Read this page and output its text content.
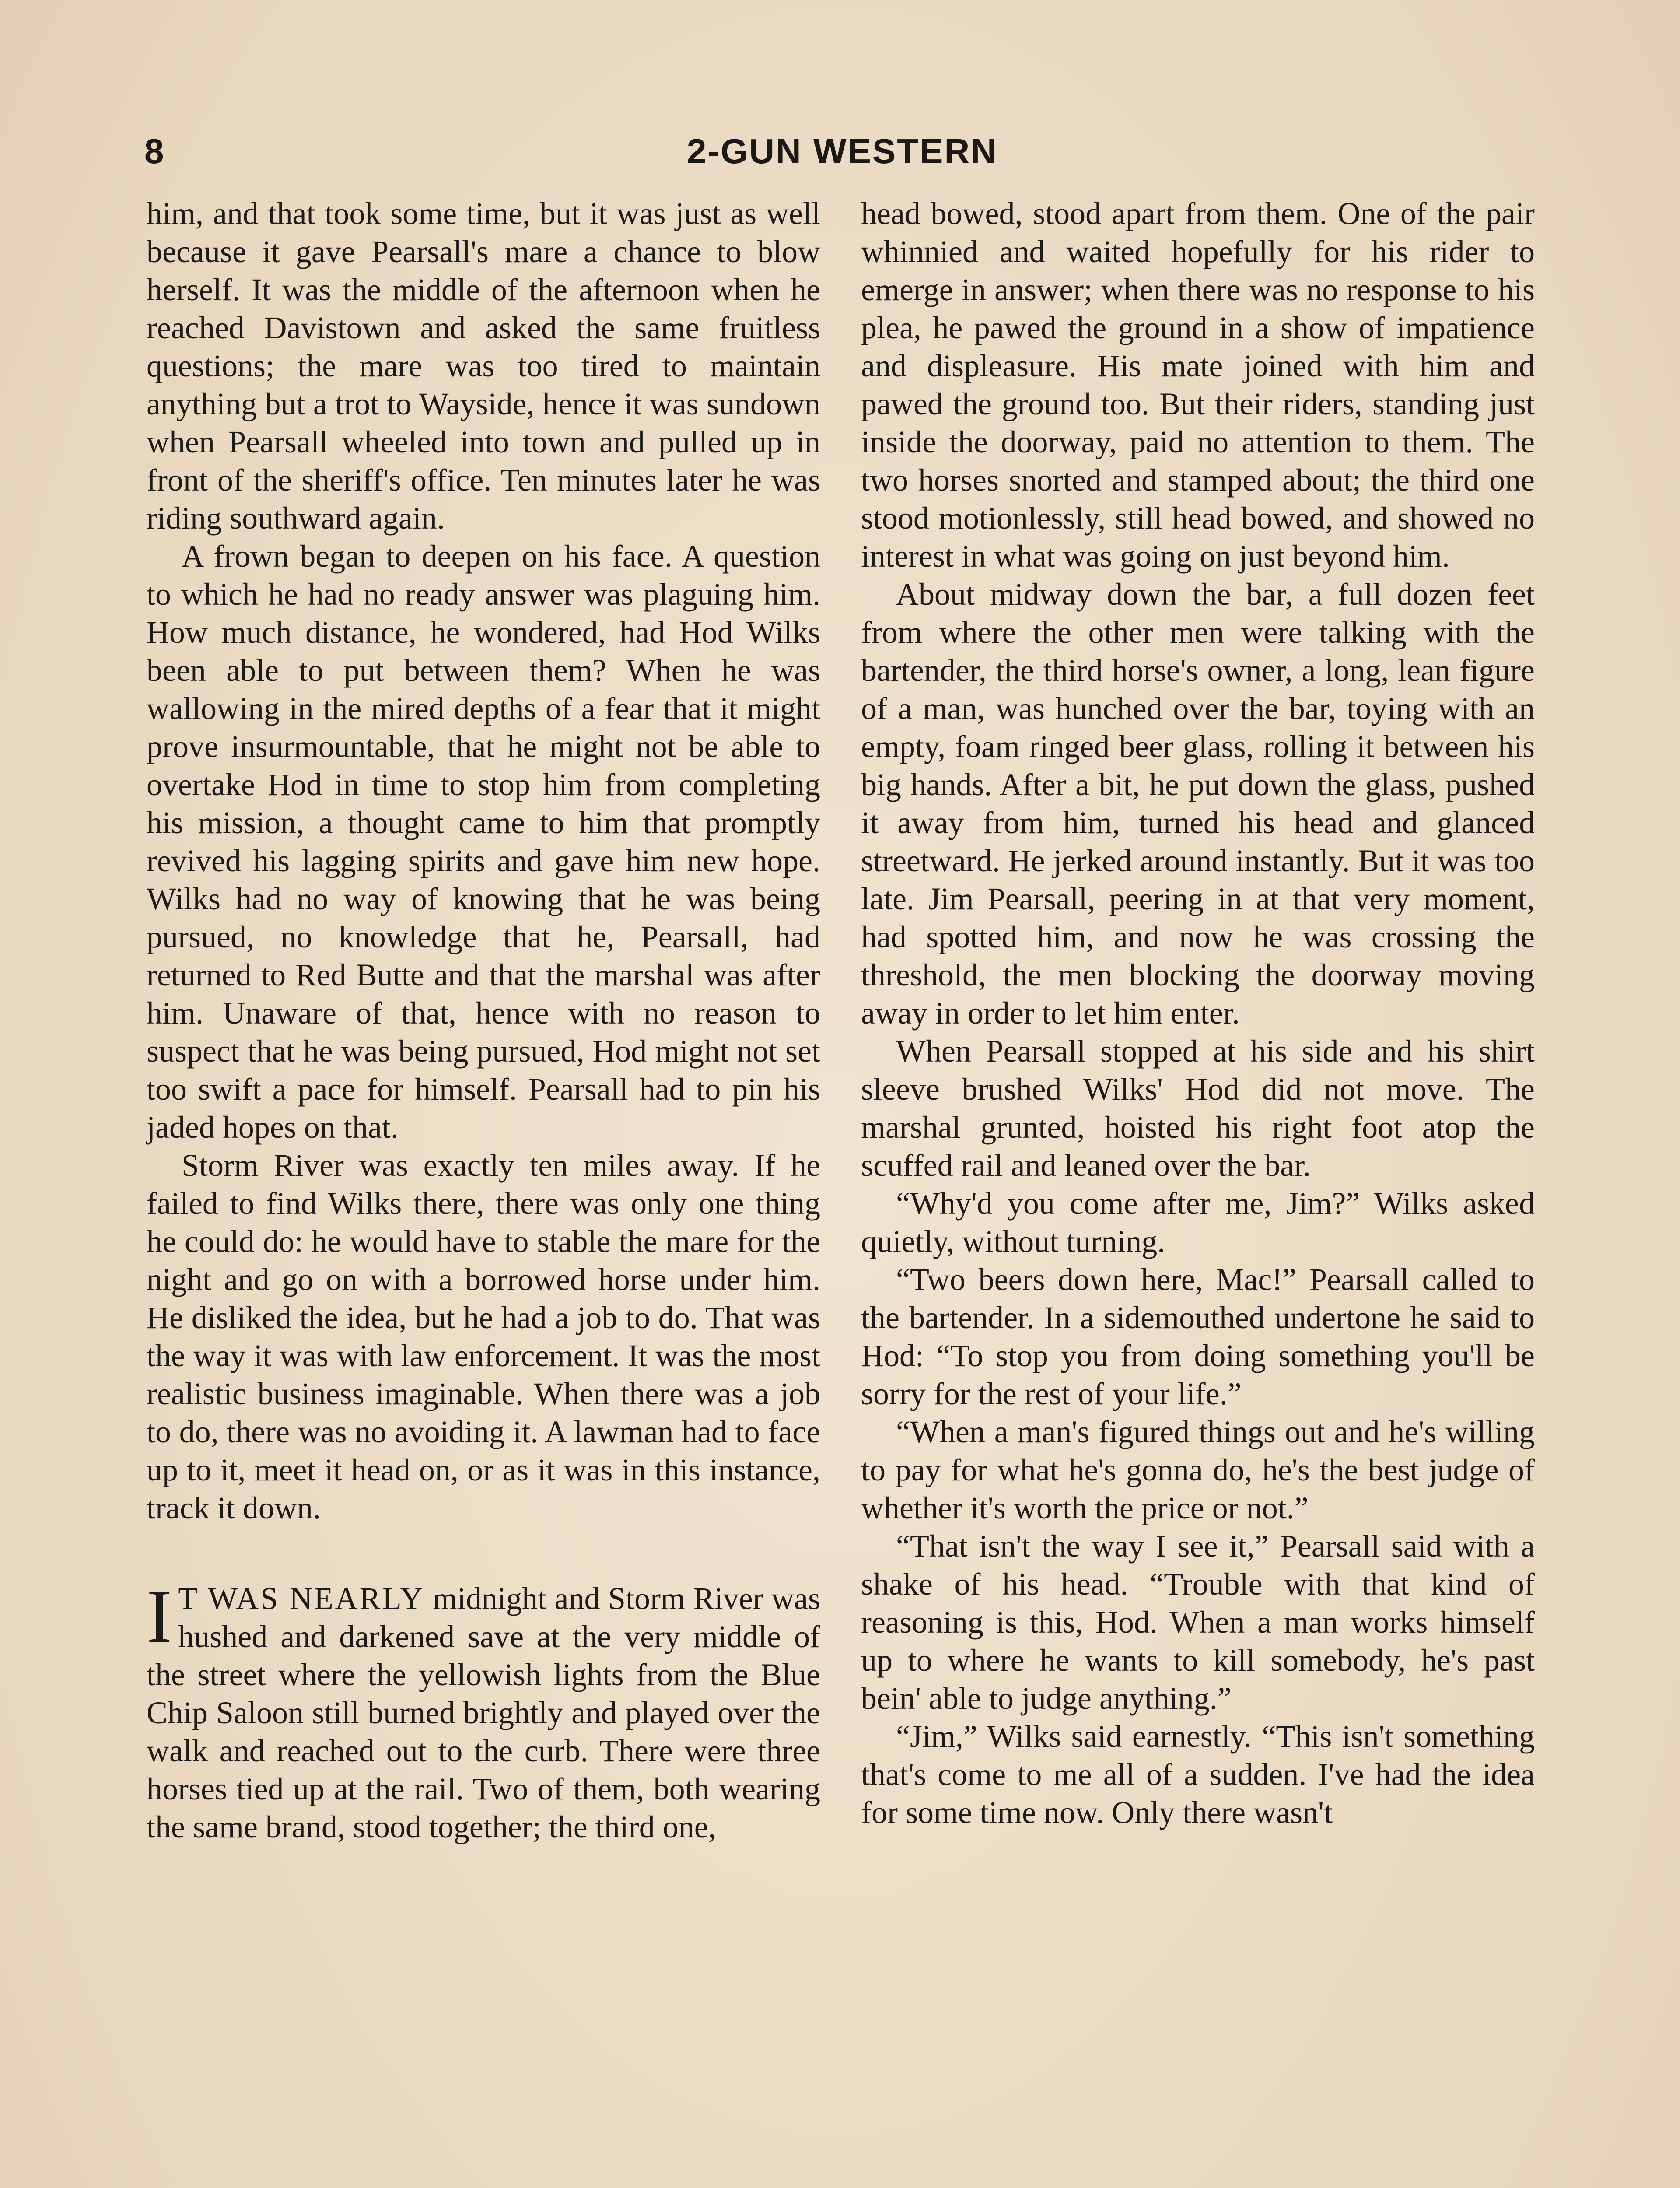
8	2-GUN WESTERN

him, and that took some time, but it was just as well because it gave Pearsall's mare a chance to blow herself. It was the middle of the afternoon when he reached Davistown and asked the same fruitless questions; the mare was too tired to maintain anything but a trot to Wayside, hence it was sundown when Pearsall wheeled into town and pulled up in front of the sheriff's office. Ten minutes later he was riding southward again.

A frown began to deepen on his face. A question to which he had no ready answer was plaguing him. How much distance, he wondered, had Hod Wilks been able to put between them? When he was wallowing in the mired depths of a fear that it might prove insurmountable, that he might not be able to overtake Hod in time to stop him from completing his mission, a thought came to him that promptly revived his lagging spirits and gave him new hope. Wilks had no way of knowing that he was being pursued, no knowledge that he, Pearsall, had returned to Red Butte and that the marshal was after him. Unaware of that, hence with no reason to suspect that he was being pursued, Hod might not set too swift a pace for himself. Pearsall had to pin his jaded hopes on that.

Storm River was exactly ten miles away. If he failed to find Wilks there, there was only one thing he could do: he would have to stable the mare for the night and go on with a borrowed horse under him. He disliked the idea, but he had a job to do. That was the way it was with law enforcement. It was the most realistic business imaginable. When there was a job to do, there was no avoiding it. A lawman had to face up to it, meet it head on, or as it was in this instance, track it down.

I T WAS NEARLY midnight and Storm River was hushed and darkened save at the very middle of the street where the yellowish lights from the Blue Chip Saloon still burned brightly and played over the walk and reached out to the curb. There were three horses tied up at the rail. Two of them, both wearing the same brand, stood together; the third one,

head bowed, stood apart from them. One of the pair whinnied and waited hopefully for his rider to emerge in answer; when there was no response to his plea, he pawed the ground in a show of impatience and displeasure. His mate joined with him and pawed the ground too. But their riders, standing just inside the doorway, paid no attention to them. The two horses snorted and stamped about; the third one stood motionlessly, still head bowed, and showed no interest in what was going on just beyond him.

About midway down the bar, a full dozen feet from where the other men were talking with the bartender, the third horse's owner, a long, lean figure of a man, was hunched over the bar, toying with an empty, foam ringed beer glass, rolling it between his big hands. After a bit, he put down the glass, pushed it away from him, turned his head and glanced streetward. He jerked around instantly. But it was too late. Jim Pearsall, peering in at that very moment, had spotted him, and now he was crossing the threshold, the men blocking the doorway moving away in order to let him enter.

When Pearsall stopped at his side and his shirt sleeve brushed Wilks' Hod did not move. The marshal grunted, hoisted his right foot atop the scuffed rail and leaned over the bar.

“Why'd you come after me, Jim?” Wilks asked quietly, without turning.

“Two beers down here, Mac!” Pearsall called to the bartender. In a sidemouthed undertone he said to Hod: “To stop you from doing something you'll be sorry for the rest of your life.”

“When a man's figured things out and he's willing to pay for what he's gonna do, he's the best judge of whether it's worth the price or not.”

“That isn't the way I see it,” Pearsall said with a shake of his head. “Trouble with that kind of reasoning is this, Hod. When a man works himself up to where he wants to kill somebody, he's past bein' able to judge anything.”

“Jim,” Wilks said earnestly. “This isn't something that's come to me all of a sudden. I've had the idea for some time now. Only there wasn't
